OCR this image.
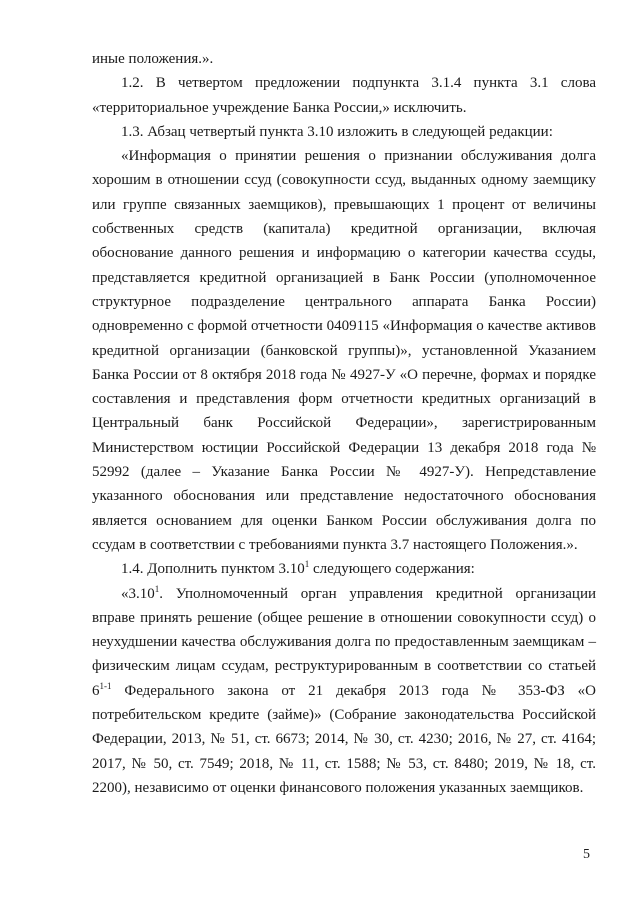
иные положения.».

1.2. В четвертом предложении подпункта 3.1.4 пункта 3.1 слова «территориальное учреждение Банка России,» исключить.

1.3. Абзац четвертый пункта 3.10 изложить в следующей редакции:

«Информация о принятии решения о признании обслуживания долга хорошим в отношении ссуд (совокупности ссуд, выданных одному заемщику или группе связанных заемщиков), превышающих 1 процент от величины собственных средств (капитала) кредитной организации, включая обоснование данного решения и информацию о категории качества ссуды, представляется кредитной организацией в Банк России (уполномоченное структурное подразделение центрального аппарата Банка России) одновременно с формой отчетности 0409115 «Информация о качестве активов кредитной организации (банковской группы)», установленной Указанием Банка России от 8 октября 2018 года № 4927-У «О перечне, формах и порядке составления и представления форм отчетности кредитных организаций в Центральный банк Российской Федерации», зарегистрированным Министерством юстиции Российской Федерации 13 декабря 2018 года № 52992 (далее – Указание Банка России № 4927-У). Непредставление указанного обоснования или представление недостаточного обоснования является основанием для оценки Банком России обслуживания долга по ссудам в соответствии с требованиями пункта 3.7 настоящего Положения.».

1.4. Дополнить пунктом 3.10$^1$ следующего содержания:

«3.10$^1$. Уполномоченный орган управления кредитной организации вправе принять решение (общее решение в отношении совокупности ссуд) о неухудшении качества обслуживания долга по предоставленным заемщикам – физическим лицам ссудам, реструктурированным в соответствии со статьей 6$^{1-1}$ Федерального закона от 21 декабря 2013 года № 353-ФЗ «О потребительском кредите (займе)» (Собрание законодательства Российской Федерации, 2013, № 51, ст. 6673; 2014, № 30, ст. 4230; 2016, № 27, ст. 4164; 2017, № 50, ст. 7549; 2018, № 11, ст. 1588; № 53, ст. 8480; 2019, № 18, ст. 2200), независимо от оценки финансового положения указанных заемщиков.

5
